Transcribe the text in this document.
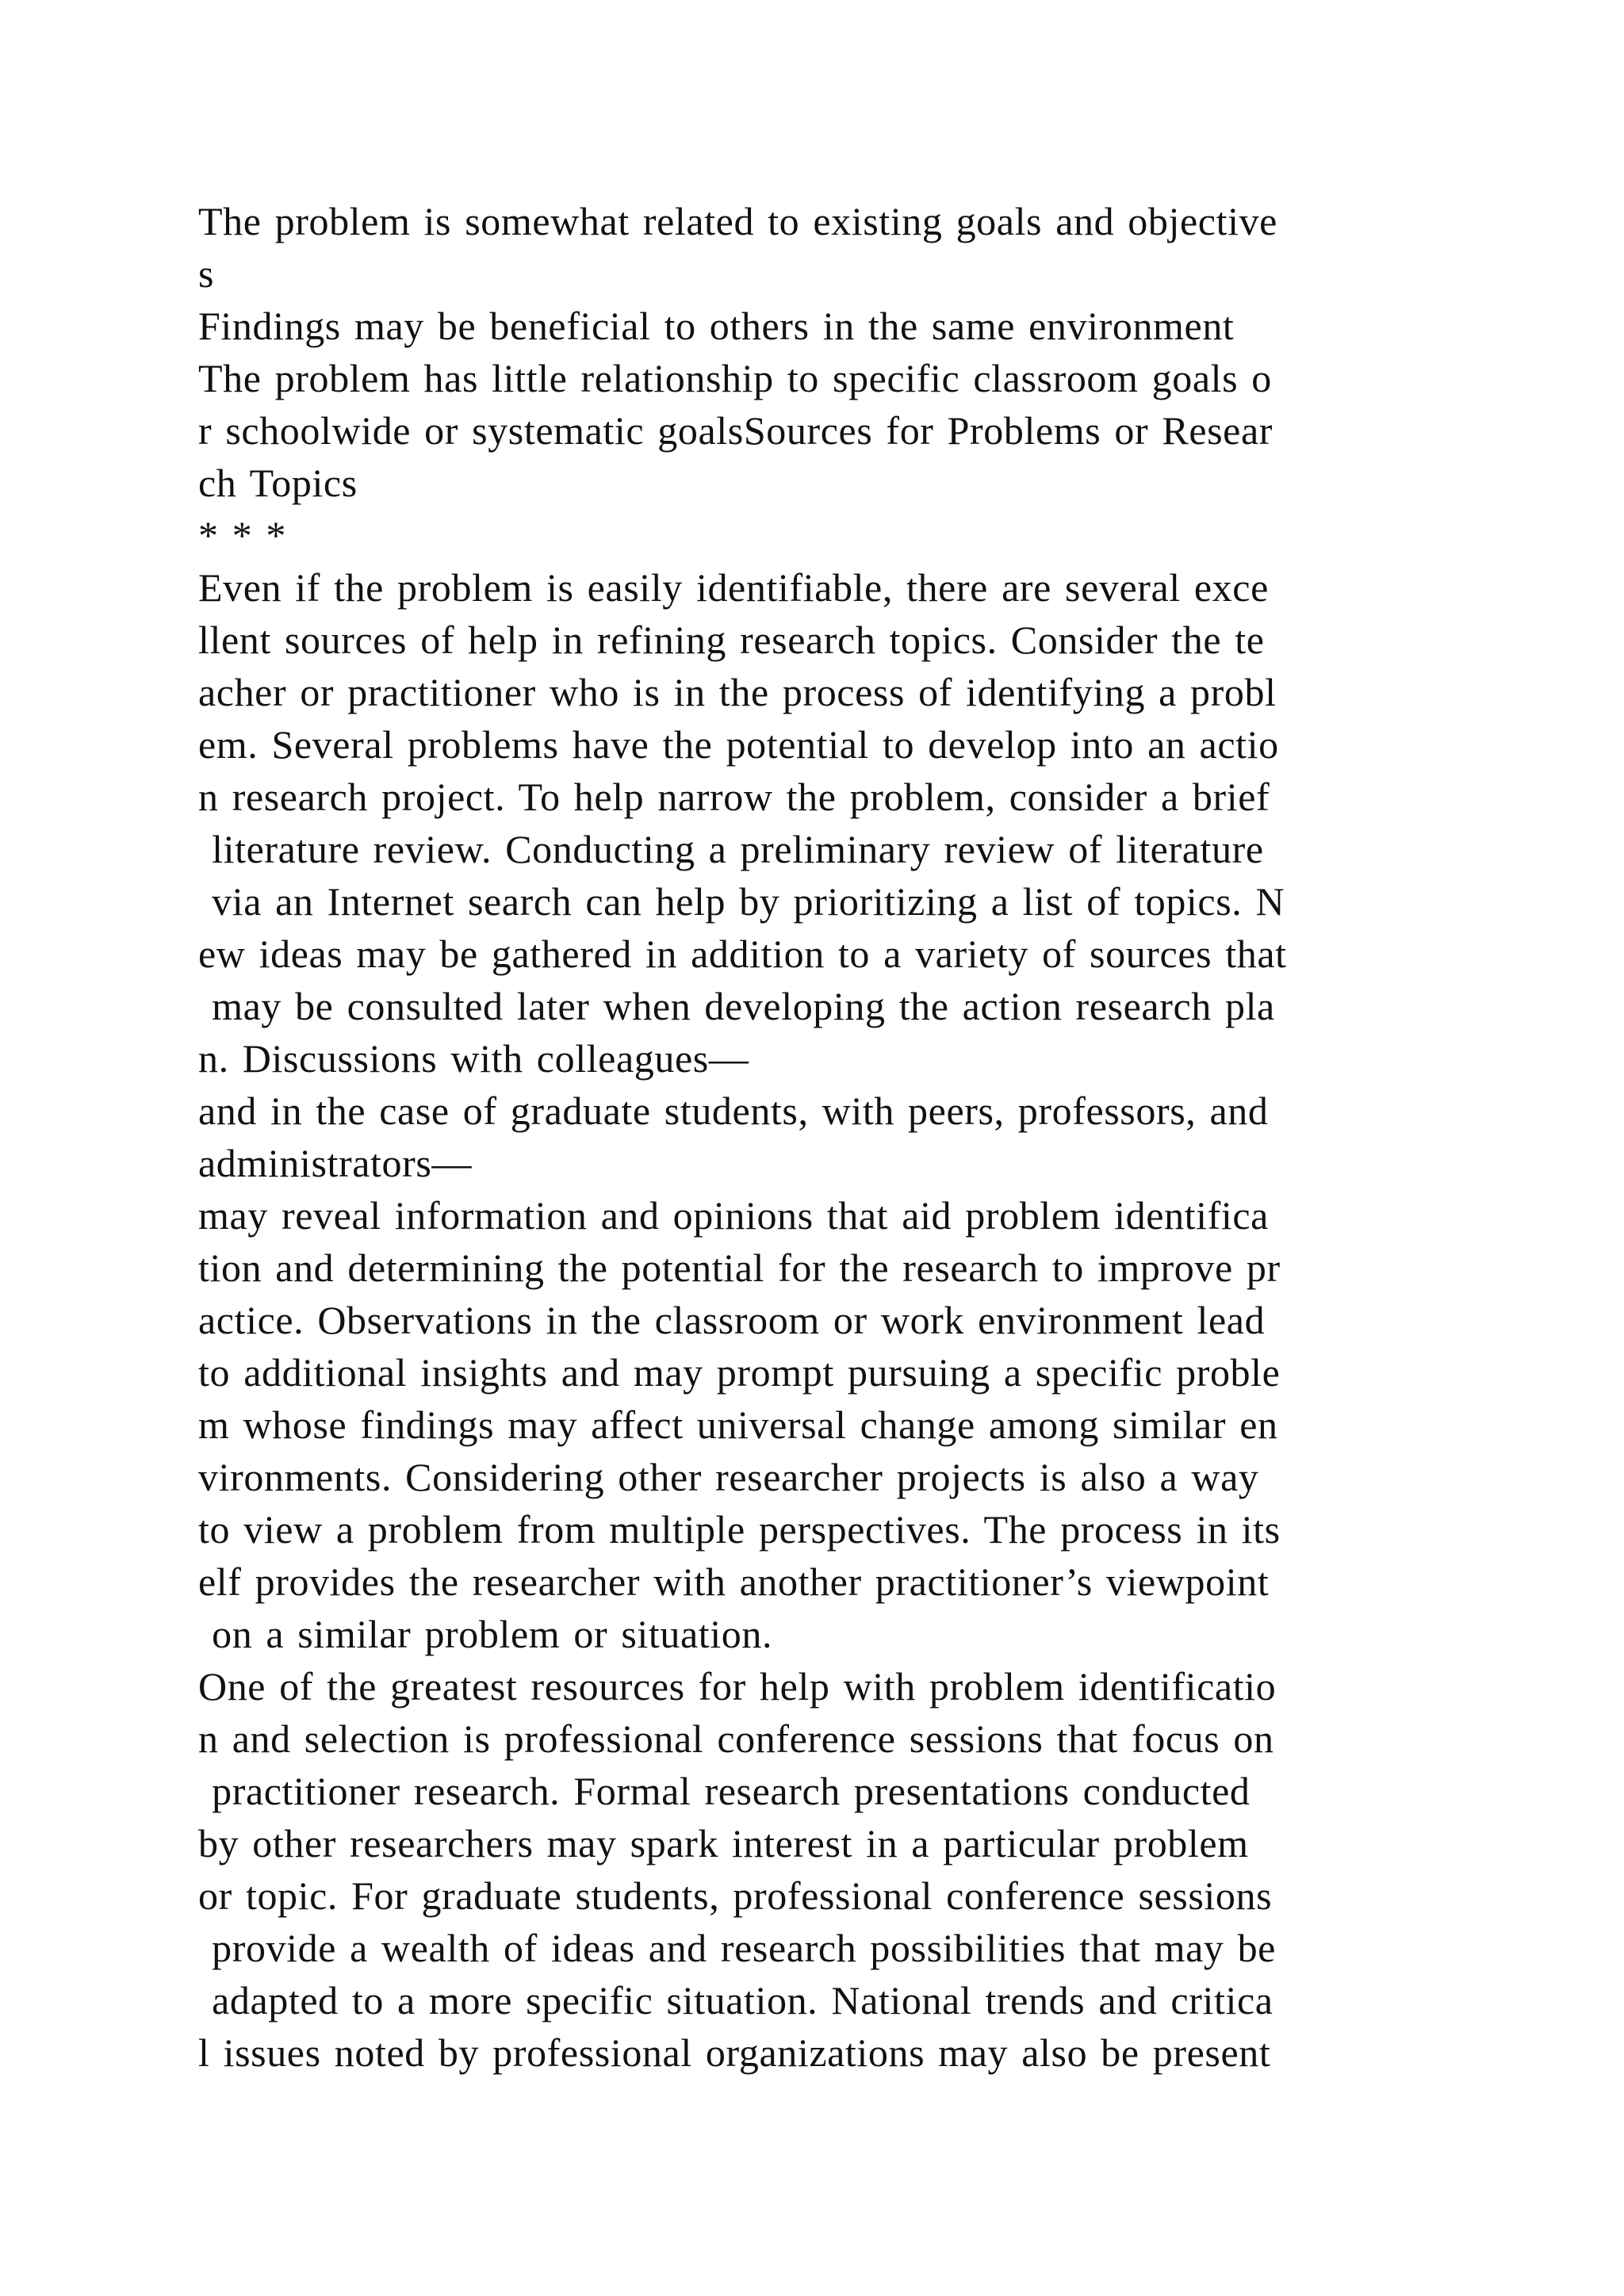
The problem is somewhat related to existing goals and objective
s
Findings may be beneficial to others in the same environment
The problem has little relationship to specific classroom goals o
r schoolwide or systematic goalsSources for Problems or Resear
ch Topics
* * *
Even if the problem is easily identifiable, there are several exce
llent sources of help in refining research topics. Consider the te
acher or practitioner who is in the process of identifying a probl
em. Several problems have the potential to develop into an actio
n research project. To help narrow the problem, consider a brief
literature review. Conducting a preliminary review of literature
via an Internet search can help by prioritizing a list of topics. N
ew ideas may be gathered in addition to a variety of sources that
may be consulted later when developing the action research pla
n. Discussions with colleagues—
and in the case of graduate students, with peers, professors, and
administrators—
may reveal information and opinions that aid problem identifica
tion and determining the potential for the research to improve pr
actice. Observations in the classroom or work environment lead
to additional insights and may prompt pursuing a specific proble
m whose findings may affect universal change among similar en
vironments. Considering other researcher projects is also a way
to view a problem from multiple perspectives. The process in its
elf provides the researcher with another practitioner’s viewpoint
on a similar problem or situation.
One of the greatest resources for help with problem identificatio
n and selection is professional conference sessions that focus on
practitioner research. Formal research presentations conducted
by other researchers may spark interest in a particular problem
or topic. For graduate students, professional conference sessions
provide a wealth of ideas and research possibilities that may be
adapted to a more specific situation. National trends and critica
l issues noted by professional organizations may also be present
